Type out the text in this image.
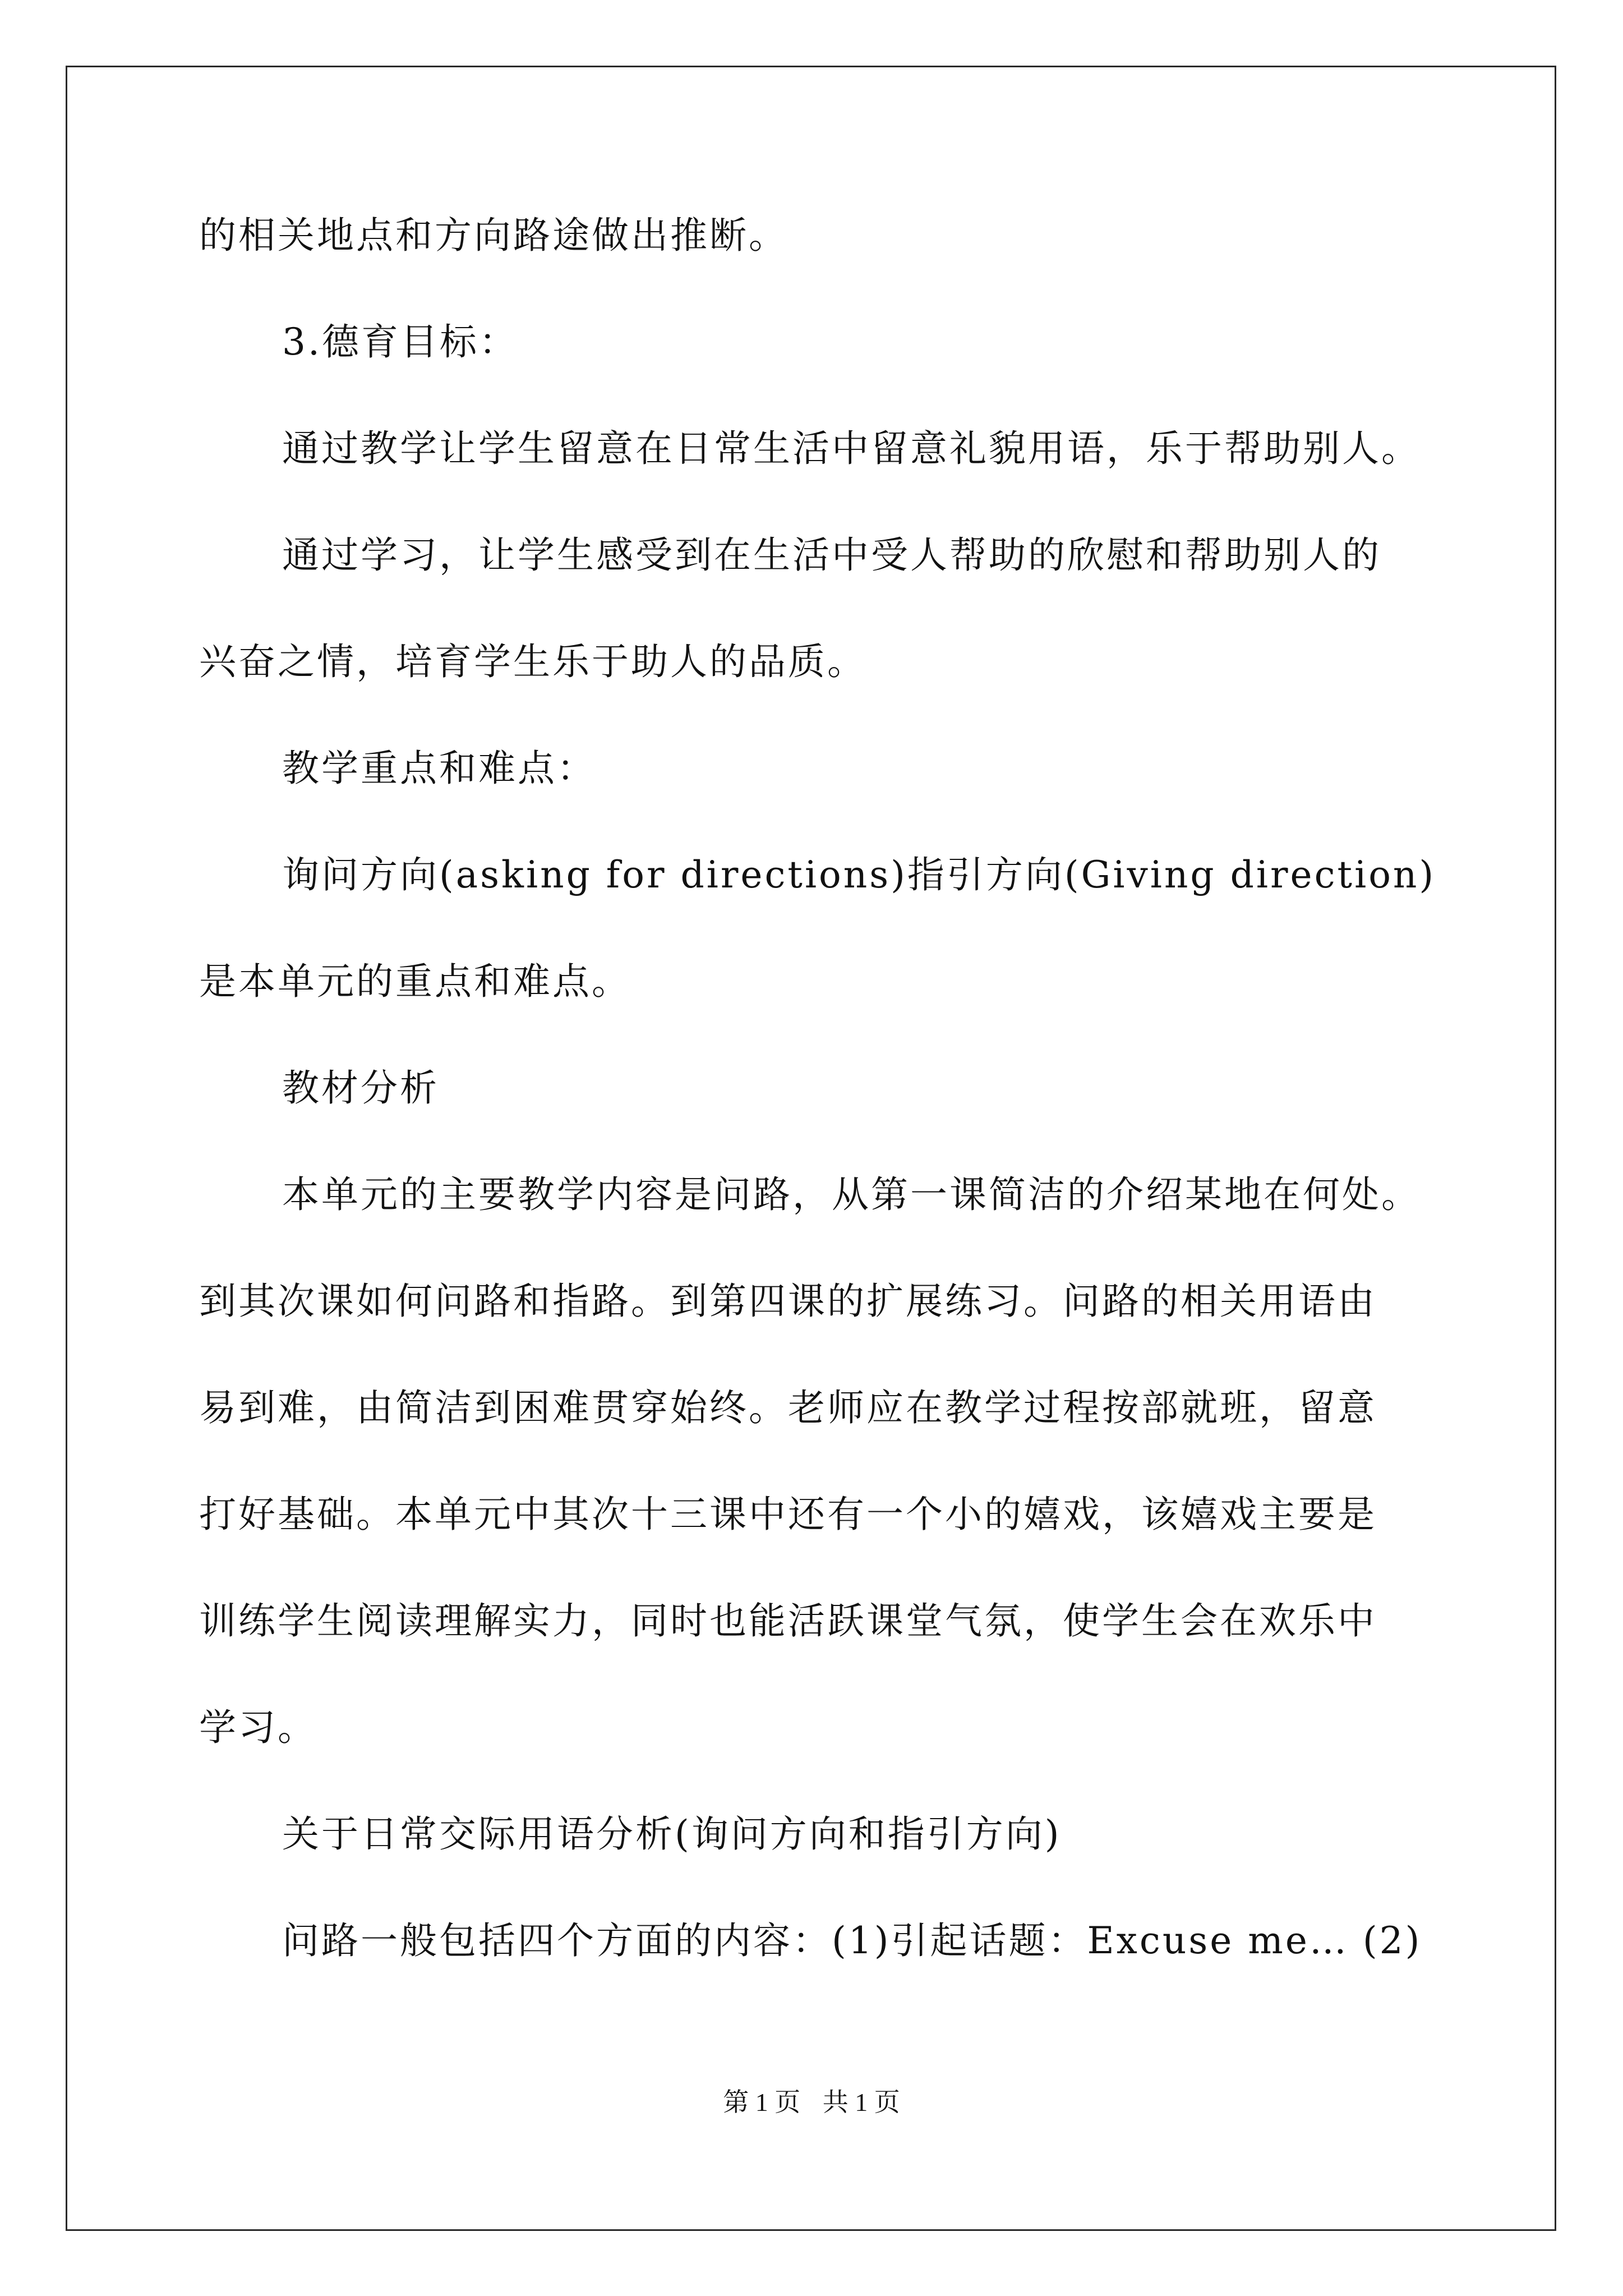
的相关地点和方向路途做出推断。
3.德育目标：
通过教学让学生留意在日常生活中留意礼貌用语，乐于帮助别人。
通过学习，让学生感受到在生活中受人帮助的欣慰和帮助别人的
兴奋之情，培育学生乐于助人的品质。
教学重点和难点：
询问方向(asking for directions)指引方向(Giving direction)
是本单元的重点和难点。
教材分析
本单元的主要教学内容是问路，从第一课简洁的介绍某地在何处。
到其次课如何问路和指路。到第四课的扩展练习。问路的相关用语由
易到难，由简洁到困难贯穿始终。老师应在教学过程按部就班，留意
打好基础。本单元中其次十三课中还有一个小的嬉戏，该嬉戏主要是
训练学生阅读理解实力，同时也能活跃课堂气氛，使学生会在欢乐中
学习。
关于日常交际用语分析(询问方向和指引方向)
问路一般包括四个方面的内容：(1)引起话题：Excuse me… (2)
第 1 页 共 1 页
